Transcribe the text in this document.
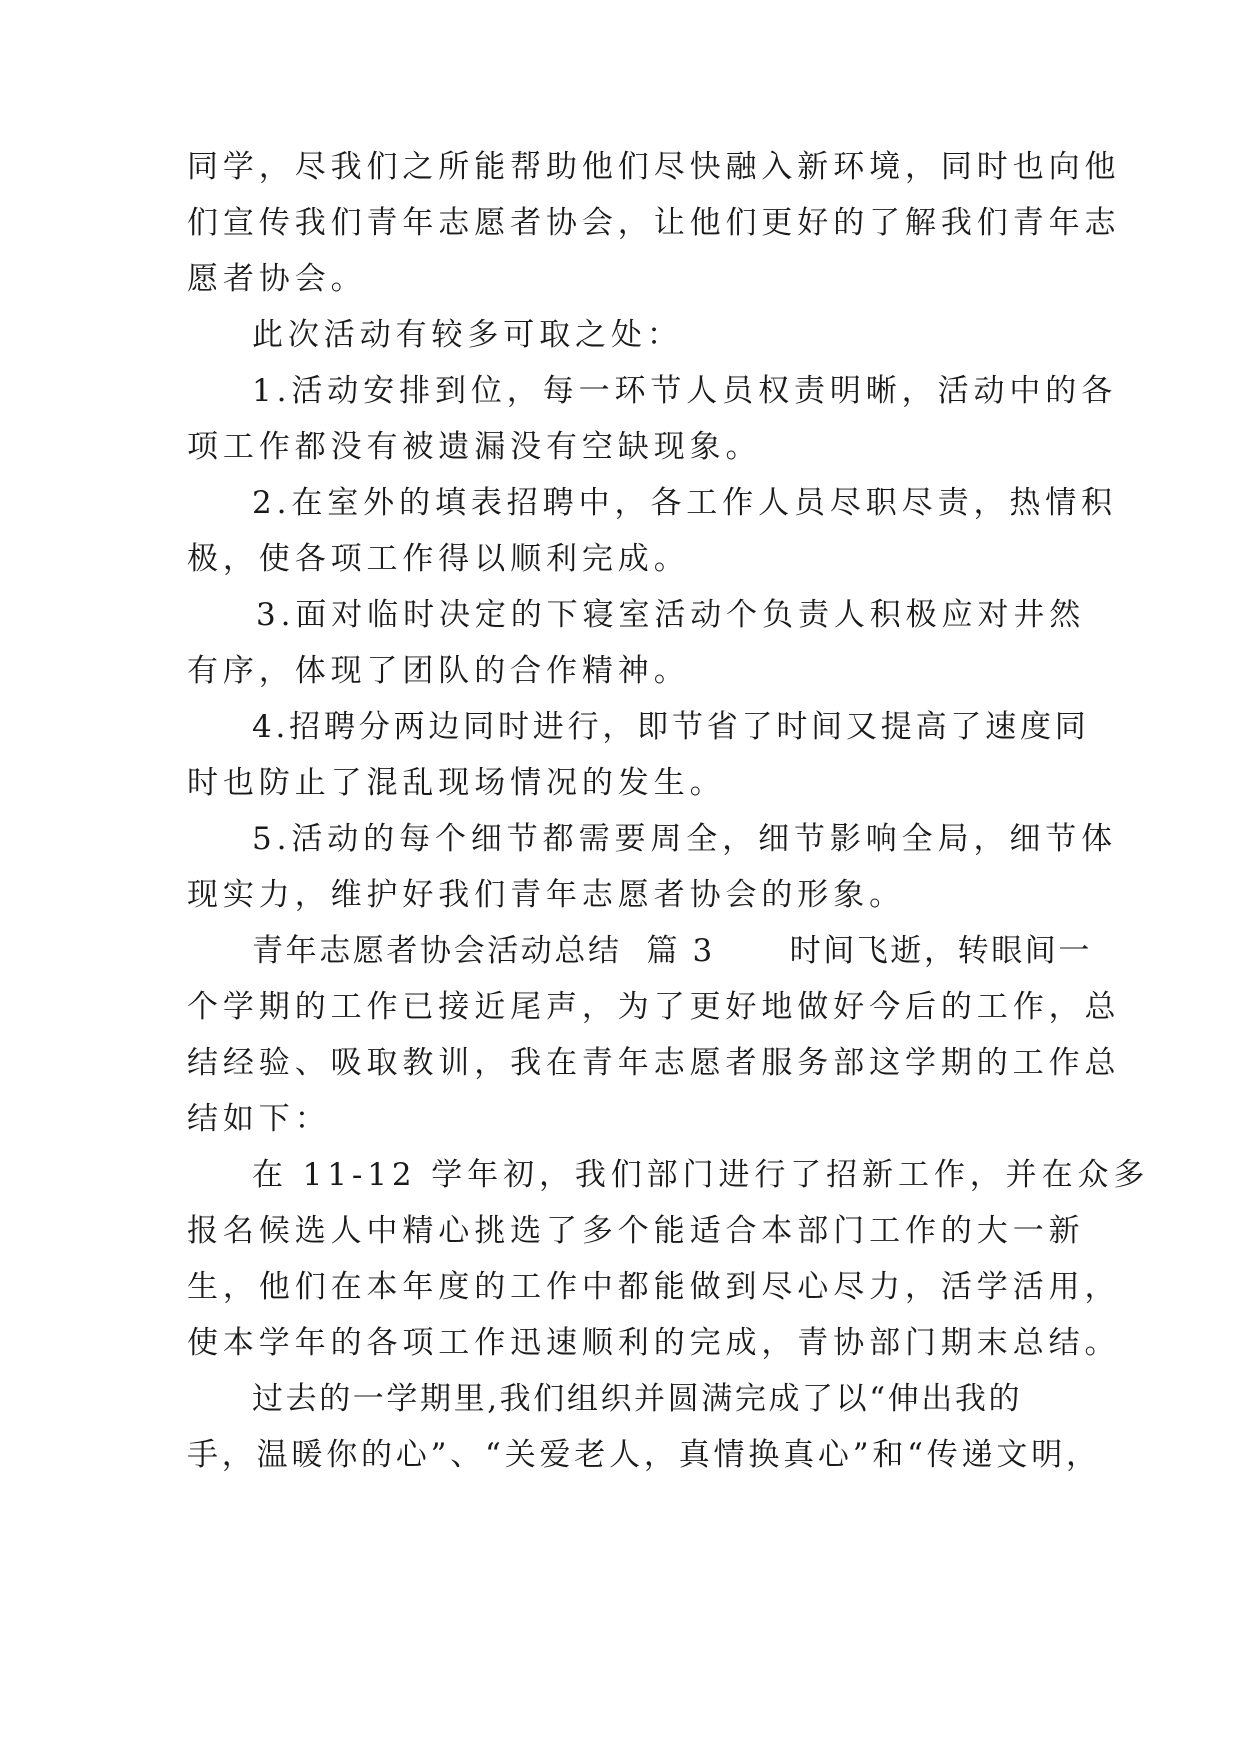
同学，尽我们之所能帮助他们尽快融入新环境，同时也向他
们宣传我们青年志愿者协会，让他们更好的了解我们青年志
愿者协会。
此次活动有较多可取之处：
1.活动安排到位，每一环节人员权责明晰，活动中的各
项工作都没有被遗漏没有空缺现象。
2.在室外的填表招聘中，各工作人员尽职尽责，热情积
极，使各项工作得以顺利完成。
3.面对临时决定的下寝室活动个负责人积极应对井然
有序，体现了团队的合作精神。
4.招聘分两边同时进行，即节省了时间又提高了速度同
时也防止了混乱现场情况的发生。
5.活动的每个细节都需要周全，细节影响全局，细节体
现实力，维护好我们青年志愿者协会的形象。
青年志愿者协会活动总结  篇 3      时间飞逝，转眼间一
个学期的工作已接近尾声，为了更好地做好今后的工作，总
结经验、吸取教训，我在青年志愿者服务部这学期的工作总
结如下：
在 11-12 学年初，我们部门进行了招新工作，并在众多
报名候选人中精心挑选了多个能适合本部门工作的大一新
生，他们在本年度的工作中都能做到尽心尽力，活学活用，
使本学年的各项工作迅速顺利的完成，青协部门期末总结。
过去的一学期里,我们组织并圆满完成了以“伸出我的
手，温暖你的心”、“关爱老人，真情换真心”和“传递文明，
